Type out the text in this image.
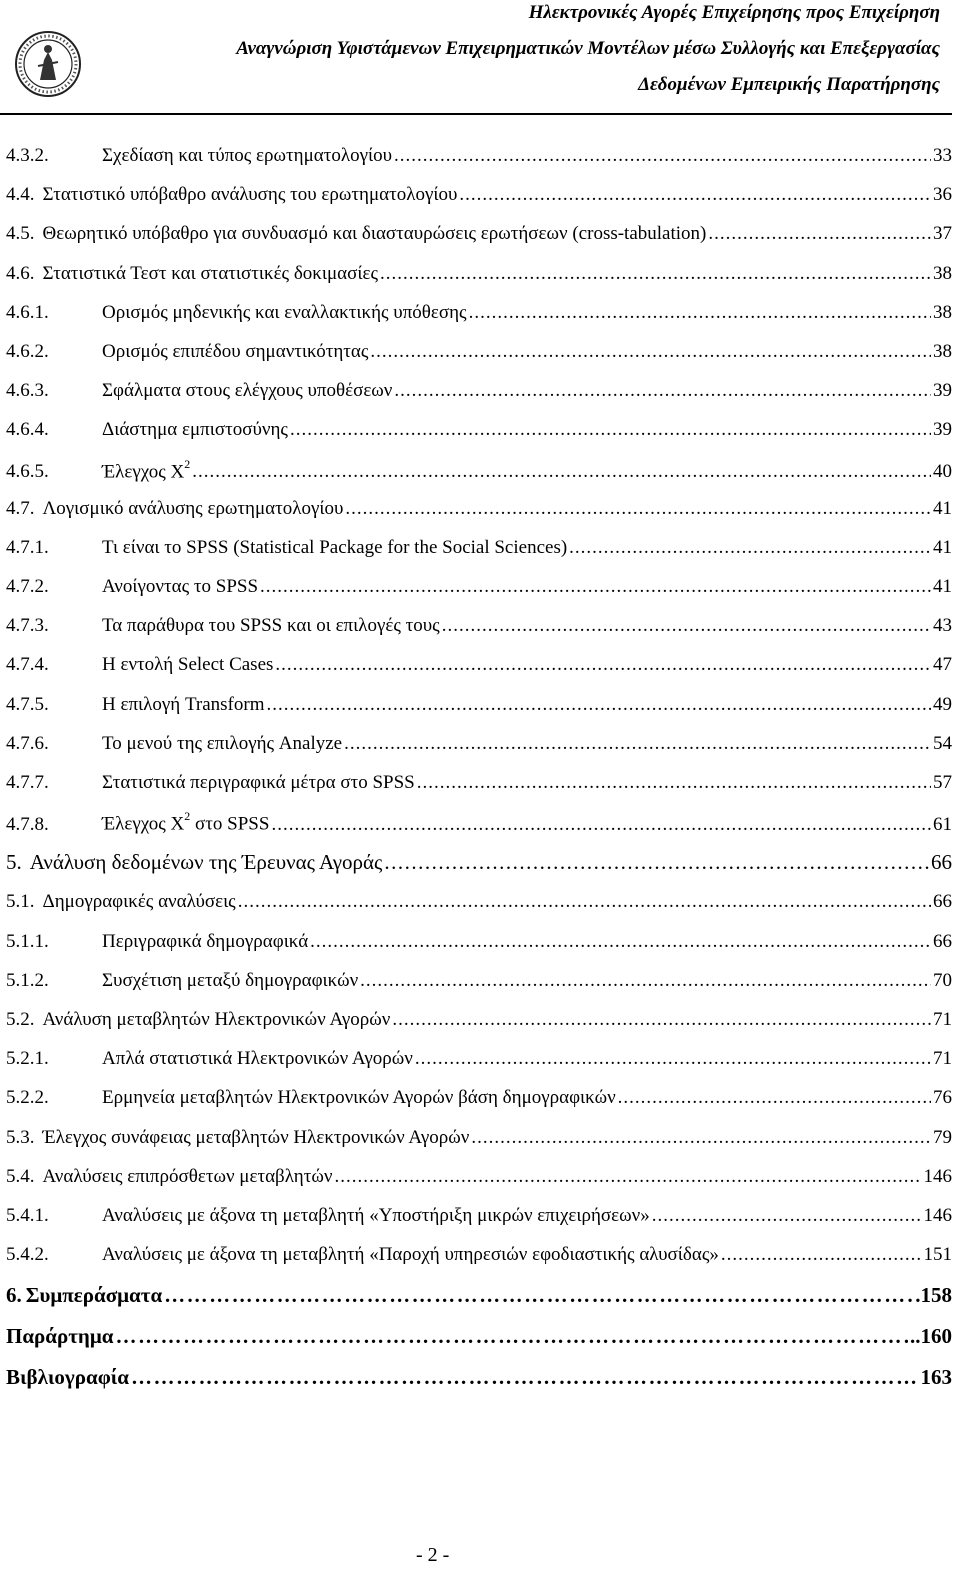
Ηλεκτρονικές Αγορές Επιχείρησης προς Επιχείρηση
Αναγνώριση Υφιστάμενων Επιχειρηματικών Μοντέλων μέσω Συλλογής και Επεξεργασίας
Δεδομένων Εμπειρικής Παρατήρησης
4.3.2.	Σχεδίαση και τύπος ερωτηματολογίου .....	33
4.4. Στατιστικό υπόβαθρο ανάλυσης του ερωτηματολογίου .....	36
4.5. Θεωρητικό υπόβαθρο για συνδυασμό και διασταυρώσεις ερωτήσεων (cross-tabulation) .....	37
4.6. Στατιστικά Τεστ και στατιστικές δοκιμασίες .....	38
4.6.1.	Ορισμός μηδενικής και εναλλακτικής υπόθεσης .....	38
4.6.2.	Ορισμός επιπέδου σημαντικότητας .....	38
4.6.3.	Σφάλματα στους ελέγχους υποθέσεων .....	39
4.6.4.	Διάστημα εμπιστοσύνης .....	39
4.6.5.	Έλεγχος $X^2$ .....	40
4.7. Λογισμικό ανάλυσης ερωτηματολογίου .....	41
4.7.1.	Τι είναι το SPSS (Statistical Package for the Social Sciences) .....	41
4.7.2.	Ανοίγοντας το SPSS .....	41
4.7.3.	Τα παράθυρα του SPSS και οι επιλογές τους .....	43
4.7.4.	Η εντολή Select Cases .....	47
4.7.5.	Η επιλογή Transform .....	49
4.7.6.	Το μενού της επιλογής Analyze .....	54
4.7.7.	Στατιστικά περιγραφικά μέτρα στο SPSS .....	57
4.7.8.	Έλεγχος $X^2$ στο SPSS .....	61
5. Ανάλυση δεδομένων της Έρευνας Αγοράς .....	66
5.1. Δημογραφικές αναλύσεις .....	66
5.1.1.	Περιγραφικά δημογραφικά .....	66
5.1.2.	Συσχέτιση μεταξύ δημογραφικών .....	70
5.2. Ανάλυση μεταβλητών Ηλεκτρονικών Αγορών .....	71
5.2.1.	Απλά στατιστικά Ηλεκτρονικών Αγορών .....	71
5.2.2.	Ερμηνεία μεταβλητών Ηλεκτρονικών Αγορών βάση δημογραφικών .....	76
5.3. Έλεγχος συνάφειας μεταβλητών Ηλεκτρονικών Αγορών .....	79
5.4. Αναλύσεις επιπρόσθετων μεταβλητών .....	146
5.4.1.	Αναλύσεις με άξονα τη μεταβλητή «Υποστήριξη μικρών επιχειρήσεων» .....	146
5.4.2.	Αναλύσεις με άξονα τη μεταβλητή «Παροχή υπηρεσιών εφοδιαστικής αλυσίδας» .....	151
6. Συμπεράσματα ……………………………………………………………………………………………………………………………………………………………………………………………………	.158
Παράρτημα ……………………………………………………………………………………………………………………………………………………………………………………………………	..160
Βιβλιογραφία ……………………………………………………………………………………………………………………………………………………………………………………………………	163
- 2 -
